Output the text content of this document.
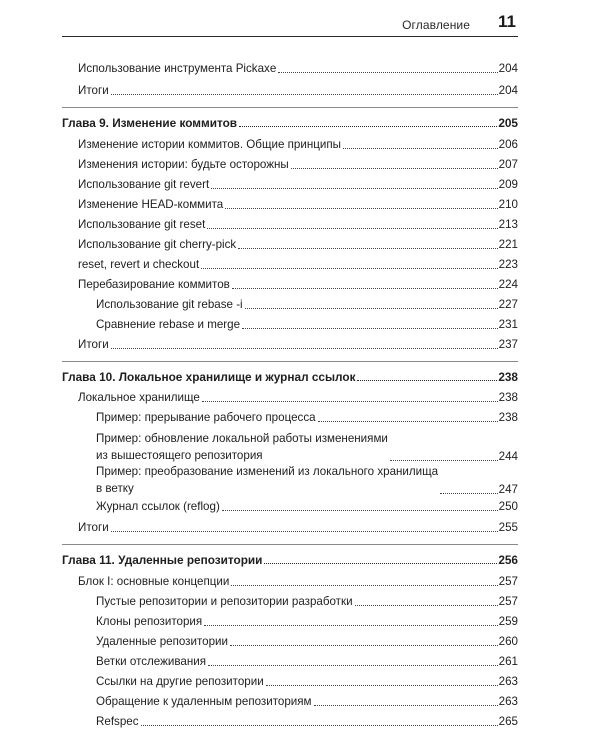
Оглавление 11
Использование инструмента Pickaxe	204
Итоги	204
Глава 9. Изменение коммитов	205
Изменение истории коммитов. Общие принципы	206
Изменения истории: будьте осторожны	207
Использование git revert	209
Изменение HEAD-коммита	210
Использование git reset	213
Использование git cherry-pick	221
reset, revert и checkout	223
Перебазирование коммитов	224
Использование git rebase -i	227
Сравнение rebase и merge	231
Итоги	237
Глава 10. Локальное хранилище и журнал ссылок	238
Локальное хранилище	238
Пример: прерывание рабочего процесса	238
Пример: обновление локальной работы изменениями
из вышестоящего репозитория	244
Пример: преобразование изменений из локального хранилища
в ветку	247
Журнал ссылок (reflog)	250
Итоги	255
Глава 11. Удаленные репозитории	256
Блок I: основные концепции	257
Пустые репозитории и репозитории разработки	257
Клоны репозитория	259
Удаленные репозитории	260
Ветки отслеживания	261
Ссылки на другие репозитории	263
Обращение к удаленным репозиториям	263
Refspec	265
